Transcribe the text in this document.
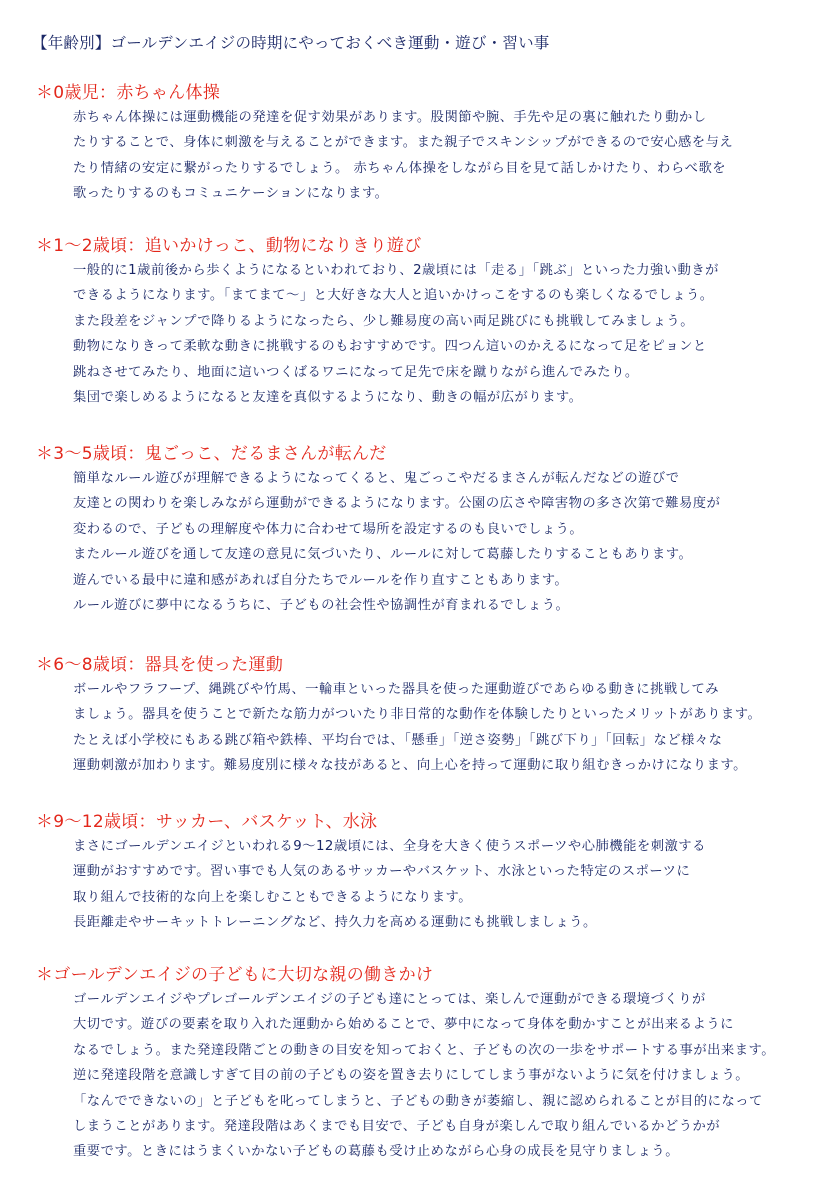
【年齢別】ゴールデンエイジの時期にやっておくべき運動・遊び・習い事
＊0歳児：赤ちゃん体操
赤ちゃん体操には運動機能の発達を促す効果があります。股関節や腕、手先や足の裏に触れたり動かし
たりすることで、身体に刺激を与えることができます。また親子でスキンシップができるので安心感を与え
たり情緒の安定に繋がったりするでしょう。 赤ちゃん体操をしながら目を見て話しかけたり、わらべ歌を
歌ったりするのもコミュニケーションになります。
＊1～2歳頃：追いかけっこ、動物になりきり遊び
一般的に1歳前後から歩くようになるといわれており、2歳頃には「走る」「跳ぶ」といった力強い動きが
できるようになります。「まてまて～」と大好きな大人と追いかけっこをするのも楽しくなるでしょう。
また段差をジャンプで降りるようになったら、少し難易度の高い両足跳びにも挑戦してみましょう。
動物になりきって柔軟な動きに挑戦するのもおすすめです。四つん這いのかえるになって足をピョンと
跳ねさせてみたり、地面に這いつくばるワニになって足先で床を蹴りながら進んでみたり。
集団で楽しめるようになると友達を真似するようになり、動きの幅が広がります。
＊3～5歳頃：鬼ごっこ、だるまさんが転んだ
簡単なルール遊びが理解できるようになってくると、鬼ごっこやだるまさんが転んだなどの遊びで
友達との関わりを楽しみながら運動ができるようになります。公園の広さや障害物の多さ次第で難易度が
変わるので、子どもの理解度や体力に合わせて場所を設定するのも良いでしょう。
またルール遊びを通して友達の意見に気づいたり、ルールに対して葛藤したりすることもあります。
遊んでいる最中に違和感があれば自分たちでルールを作り直すこともあります。
ルール遊びに夢中になるうちに、子どもの社会性や協調性が育まれるでしょう。
＊6～8歳頃：器具を使った運動
ボールやフラフープ、縄跳びや竹馬、一輪車といった器具を使った運動遊びであらゆる動きに挑戦してみ
ましょう。器具を使うことで新たな筋力がついたり非日常的な動作を体験したりといったメリットがあります。
たとえば小学校にもある跳び箱や鉄棒、平均台では、「懸垂」「逆さ姿勢」「跳び下り」「回転」など様々な
運動刺激が加わります。難易度別に様々な技があると、向上心を持って運動に取り組むきっかけになります。
＊9～12歳頃：サッカー、バスケット、水泳
まさにゴールデンエイジといわれる9～12歳頃には、全身を大きく使うスポーツや心肺機能を刺激する
運動がおすすめです。習い事でも人気のあるサッカーやバスケット、水泳といった特定のスポーツに
取り組んで技術的な向上を楽しむこともできるようになります。
長距離走やサーキットトレーニングなど、持久力を高める運動にも挑戦しましょう。
＊ゴールデンエイジの子どもに大切な親の働きかけ
ゴールデンエイジやプレゴールデンエイジの子ども達にとっては、楽しんで運動ができる環境づくりが
大切です。遊びの要素を取り入れた運動から始めることで、夢中になって身体を動かすことが出来るように
なるでしょう。また発達段階ごとの動きの目安を知っておくと、子どもの次の一歩をサポートする事が出来ます。
逆に発達段階を意識しすぎて目の前の子どもの姿を置き去りにしてしまう事がないように気を付けましょう。
「なんでできないの」と子どもを叱ってしまうと、子どもの動きが萎縮し、親に認められることが目的になって
しまうことがあります。発達段階はあくまでも目安で、子ども自身が楽しんで取り組んでいるかどうかが
重要です。ときにはうまくいかない子どもの葛藤も受け止めながら心身の成長を見守りましょう。
